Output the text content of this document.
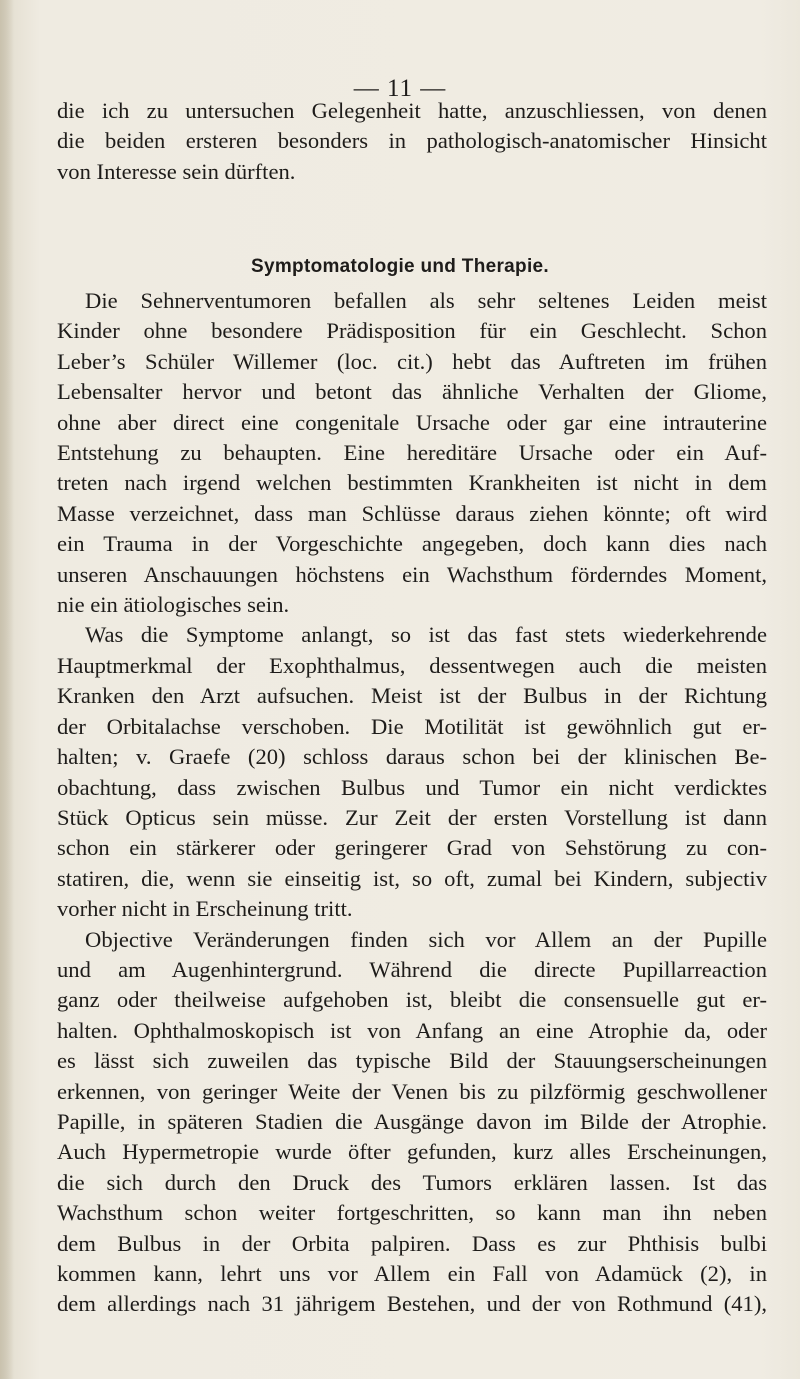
— 11 —
die ich zu untersuchen Gelegenheit hatte, anzuschliessen, von denen
die beiden ersteren besonders in pathologisch-anatomischer Hinsicht
von Interesse sein dürften.
Symptomatologie und Therapie.
Die Sehnerventumoren befallen als sehr seltenes Leiden meist
Kinder ohne besondere Prädisposition für ein Geschlecht. Schon
Leber’s Schüler Willemer (loc. cit.) hebt das Auftreten im frühen
Lebensalter hervor und betont das ähnliche Verhalten der Gliome,
ohne aber direct eine congenitale Ursache oder gar eine intrauterine
Entstehung zu behaupten. Eine hereditäre Ursache oder ein Auf-
treten nach irgend welchen bestimmten Krankheiten ist nicht in dem
Masse verzeichnet, dass man Schlüsse daraus ziehen könnte; oft wird
ein Trauma in der Vorgeschichte angegeben, doch kann dies nach
unseren Anschauungen höchstens ein Wachsthum förderndes Moment,
nie ein ätiologisches sein.
Was die Symptome anlangt, so ist das fast stets wiederkehrende
Hauptmerkmal der Exophthalmus, dessentwegen auch die meisten
Kranken den Arzt aufsuchen. Meist ist der Bulbus in der Richtung
der Orbitalachse verschoben. Die Motilität ist gewöhnlich gut er-
halten; v. Graefe (20) schloss daraus schon bei der klinischen Be-
obachtung, dass zwischen Bulbus und Tumor ein nicht verdicktes
Stück Opticus sein müsse. Zur Zeit der ersten Vorstellung ist dann
schon ein stärkerer oder geringerer Grad von Sehstörung zu con-
statiren, die, wenn sie einseitig ist, so oft, zumal bei Kindern, subjectiv
vorher nicht in Erscheinung tritt.
Objective Veränderungen finden sich vor Allem an der Pupille
und am Augenhintergrund. Während die directe Pupillarreaction
ganz oder theilweise aufgehoben ist, bleibt die consensuelle gut er-
halten. Ophthalmoskopisch ist von Anfang an eine Atrophie da, oder
es lässt sich zuweilen das typische Bild der Stauungserscheinungen
erkennen, von geringer Weite der Venen bis zu pilzförmig geschwollener
Papille, in späteren Stadien die Ausgänge davon im Bilde der Atrophie.
Auch Hypermetropie wurde öfter gefunden, kurz alles Erscheinungen,
die sich durch den Druck des Tumors erklären lassen. Ist das
Wachsthum schon weiter fortgeschritten, so kann man ihn neben
dem Bulbus in der Orbita palpiren. Dass es zur Phthisis bulbi
kommen kann, lehrt uns vor Allem ein Fall von Adamück (2), in
dem allerdings nach 31 jährigem Bestehen, und der von Rothmund (41),
